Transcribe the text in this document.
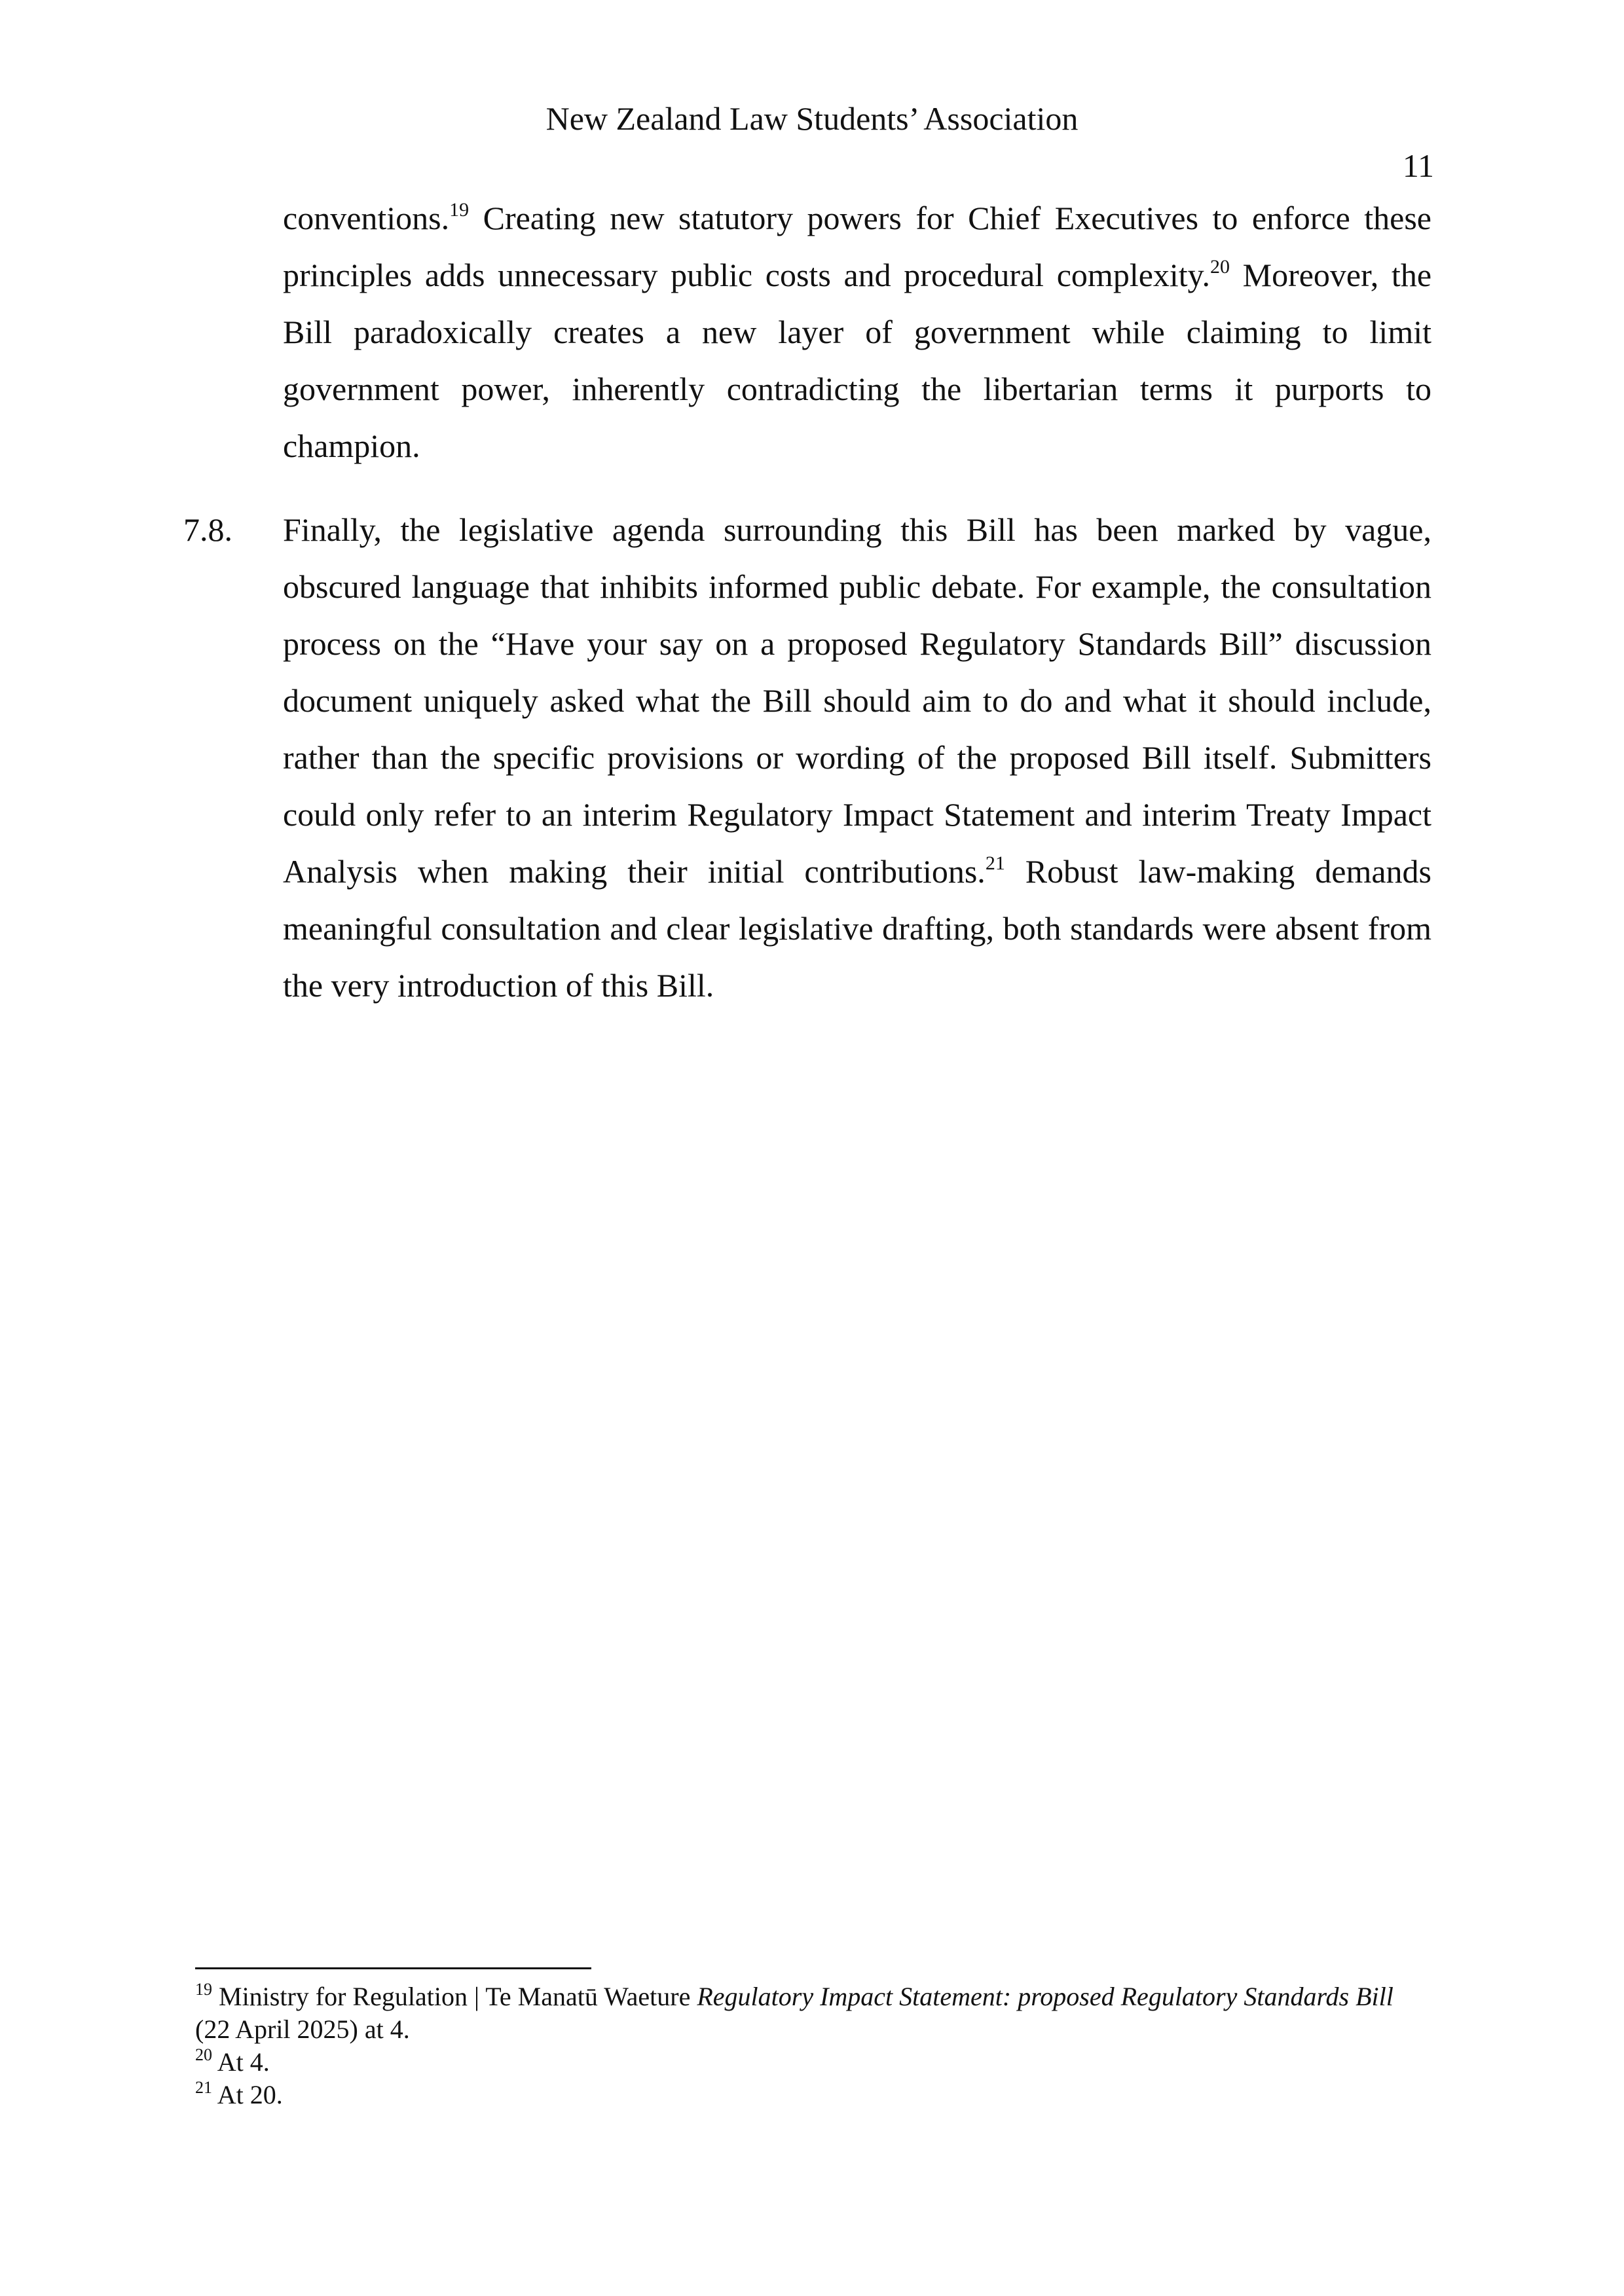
New Zealand Law Students’ Association
11

conventions.$^{19}$ Creating new statutory powers for Chief Executives to enforce these principles adds unnecessary public costs and procedural complexity.$^{20}$ Moreover, the Bill paradoxically creates a new layer of government while claiming to limit government power, inherently contradicting the libertarian terms it purports to champion.

7.8. Finally, the legislative agenda surrounding this Bill has been marked by vague, obscured language that inhibits informed public debate. For example, the consultation process on the “Have your say on a proposed Regulatory Standards Bill” discussion document uniquely asked what the Bill should aim to do and what it should include, rather than the specific provisions or wording of the proposed Bill itself. Submitters could only refer to an interim Regulatory Impact Statement and interim Treaty Impact Analysis when making their initial contributions.$^{21}$ Robust law-making demands meaningful consultation and clear legislative drafting, both standards were absent from the very introduction of this Bill.

$^{19}$ Ministry for Regulation | Te Manatū Waeture Regulatory Impact Statement: proposed Regulatory Standards Bill (22 April 2025) at 4.

$^{20}$ At 4.

$^{21}$ At 20.
